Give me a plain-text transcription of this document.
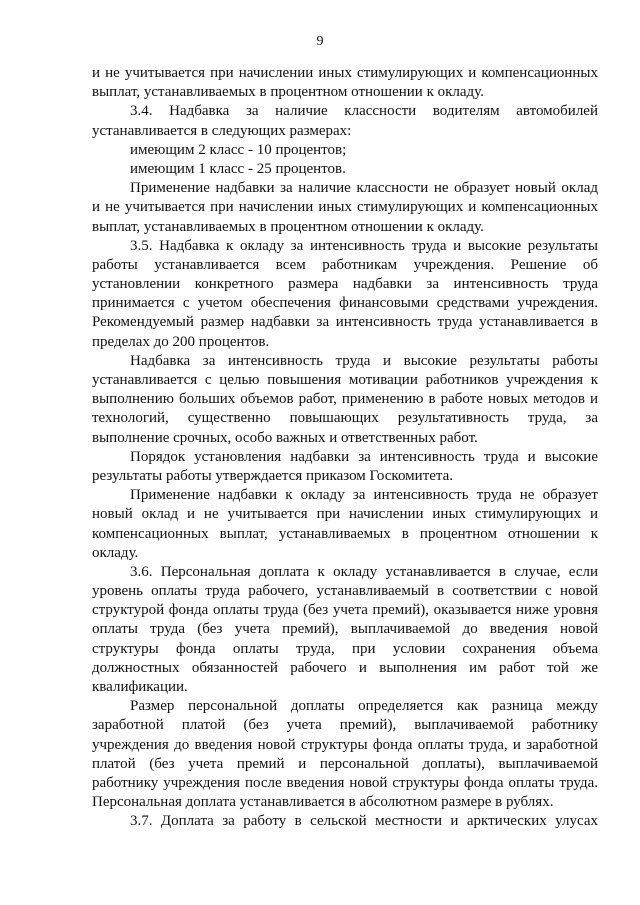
9
и не учитывается при начислении иных стимулирующих и компенсационных
выплат, устанавливаемых в процентном отношении к окладу.
3.4. Надбавка за наличие классности водителям автомобилей
устанавливается в следующих размерах:
имеющим 2 класс - 10 процентов;
имеющим 1 класс - 25 процентов.
Применение надбавки за наличие классности не образует новый оклад
и не учитывается при начислении иных стимулирующих и компенсационных
выплат, устанавливаемых в процентном отношении к окладу.
3.5. Надбавка к окладу за интенсивность труда и высокие результаты
работы устанавливается всем работникам учреждения. Решение об
установлении конкретного размера надбавки за интенсивность труда
принимается с учетом обеспечения финансовыми средствами учреждения.
Рекомендуемый размер надбавки за интенсивность труда устанавливается в
пределах до 200 процентов.
Надбавка за интенсивность труда и высокие результаты работы
устанавливается с целью повышения мотивации работников учреждения к
выполнению больших объемов работ, применению в работе новых методов и
технологий, существенно повышающих результативность труда, за
выполнение срочных, особо важных и ответственных работ.
Порядок установления надбавки за интенсивность труда и высокие
результаты работы утверждается приказом Госкомитета.
Применение надбавки к окладу за интенсивность труда не образует
новый оклад и не учитывается при начислении иных стимулирующих и
компенсационных выплат, устанавливаемых в процентном отношении к
окладу.
3.6. Персональная доплата к окладу устанавливается в случае, если
уровень оплаты труда рабочего, устанавливаемый в соответствии с новой
структурой фонда оплаты труда (без учета премий), оказывается ниже уровня
оплаты труда (без учета премий), выплачиваемой до введения новой
структуры фонда оплаты труда, при условии сохранения объема
должностных обязанностей рабочего и выполнения им работ той же
квалификации.
Размер персональной доплаты определяется как разница между
заработной платой (без учета премий), выплачиваемой работнику
учреждения до введения новой структуры фонда оплаты труда, и заработной
платой (без учета премий и персональной доплаты), выплачиваемой
работнику учреждения после введения новой структуры фонда оплаты труда.
Персональная доплата устанавливается в абсолютном размере в рублях.
3.7. Доплата за работу в сельской местности и арктических улусах
